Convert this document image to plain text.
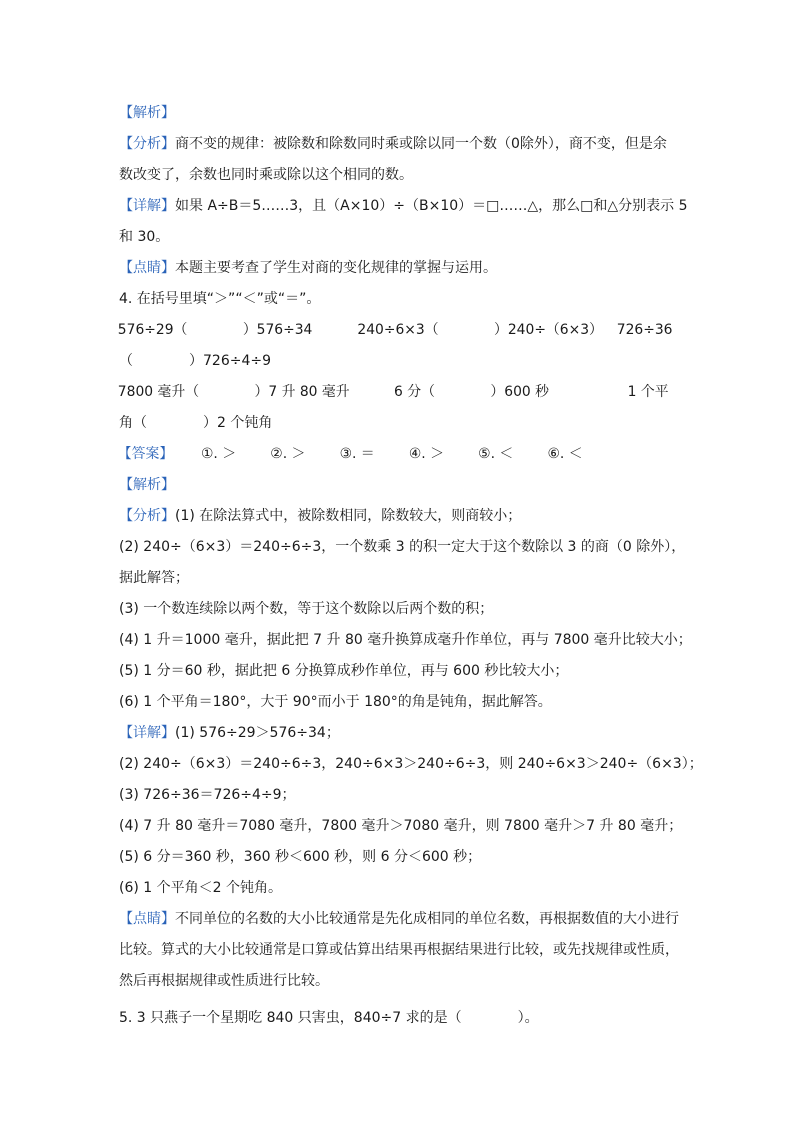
【解析】
【分析】商不变的规律：被除数和除数同时乘或除以同一个数（0除外），商不变，但是余
数改变了，余数也同时乘或除以这个相同的数。
【详解】如果 A÷B＝5……3，且（A×10）÷（B×10）＝□……△，那么□和△分别表示 5
和 30。
【点睛】本题主要考查了学生对商的变化规律的掌握与运用。
4. 在括号里填“＞”“＜”或“＝”。
576÷29（　　　　）576÷34	240÷6×3（　　　　）240÷（6×3） 726÷36
（　　　　）726÷4÷9
7800 毫升（　　　　）7 升 80 毫升	6 分（　　　　）600 秒	1 个平
角（　　　　）2 个钝角
【答案】 ①. ＞ ②. ＞ ③. ＝ ④. ＞ ⑤. ＜ ⑥. ＜
【解析】
【分析】(1) 在除法算式中，被除数相同，除数较大，则商较小；
(2) 240÷（6×3）＝240÷6÷3，一个数乘 3 的积一定大于这个数除以 3 的商（0 除外），
据此解答；
(3) 一个数连续除以两个数，等于这个数除以后两个数的积；
(4) 1 升＝1000 毫升，据此把 7 升 80 毫升换算成毫升作单位，再与 7800 毫升比较大小；
(5) 1 分＝60 秒，据此把 6 分换算成秒作单位，再与 600 秒比较大小；
(6) 1 个平角＝180°，大于 90°而小于 180°的角是钝角，据此解答。
【详解】(1) 576÷29＞576÷34；
(2) 240÷（6×3）＝240÷6÷3，240÷6×3＞240÷6÷3，则 240÷6×3＞240÷（6×3）；
(3) 726÷36＝726÷4÷9；
(4) 7 升 80 毫升＝7080 毫升，7800 毫升＞7080 毫升，则 7800 毫升＞7 升 80 毫升；
(5) 6 分＝360 秒，360 秒＜600 秒，则 6 分＜600 秒；
(6) 1 个平角＜2 个钝角。
【点睛】不同单位的名数的大小比较通常是先化成相同的单位名数，再根据数值的大小进行
比较。算式的大小比较通常是口算或估算出结果再根据结果进行比较，或先找规律或性质，
然后再根据规律或性质进行比较。
5. 3 只燕子一个星期吃 840 只害虫，840÷7 求的是（　　　　）。
